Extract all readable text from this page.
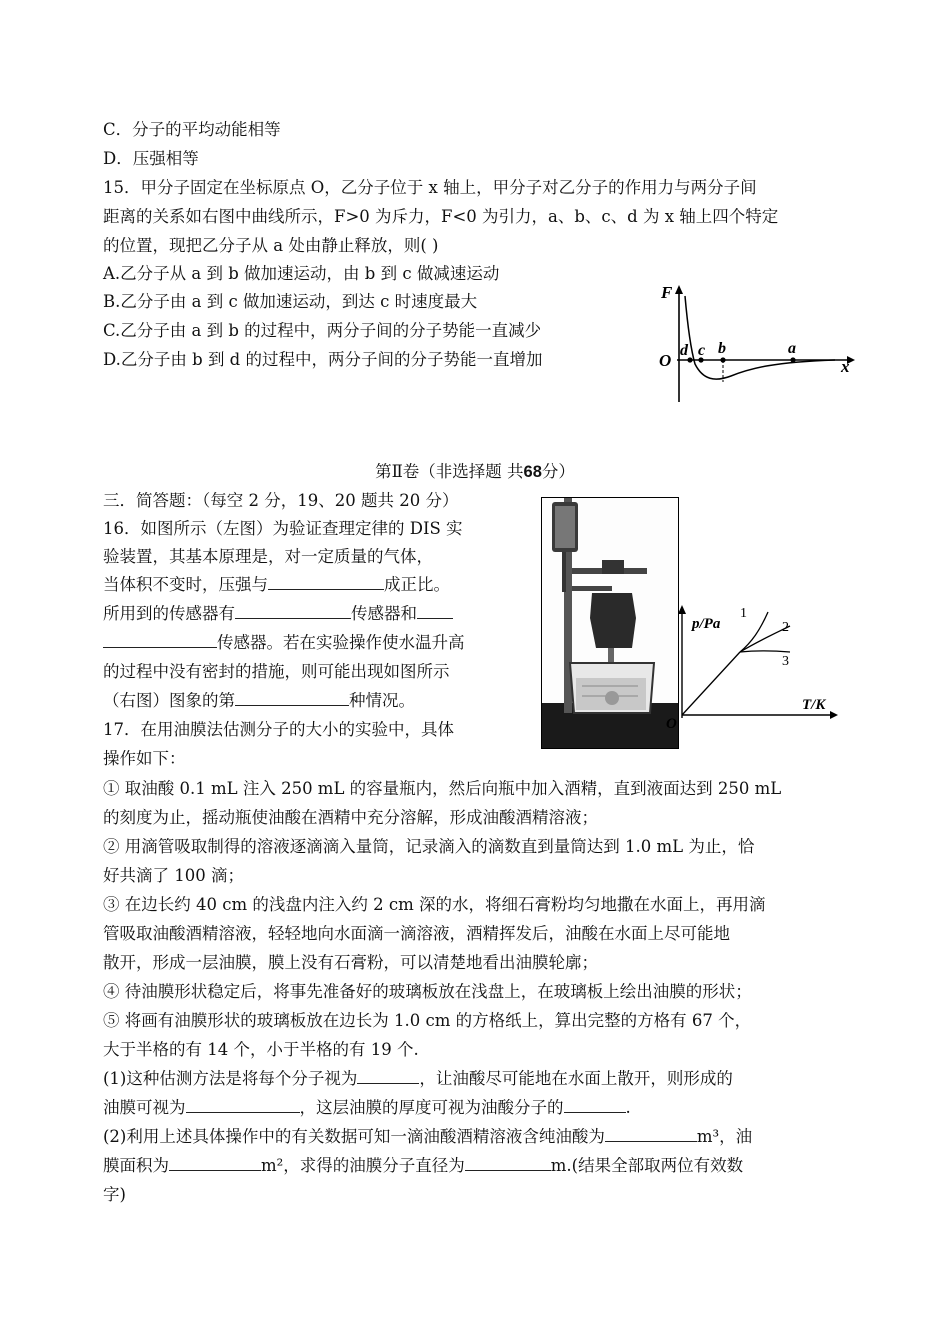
C．分子的平均动能相等
D．压强相等
15．甲分子固定在坐标原点 O，乙分子位于 x 轴上，甲分子对乙分子的作用力与两分子间
距离的关系如右图中曲线所示，F>0 为斥力，F<0 为引力，a、b、c、d 为 x 轴上四个特定
的位置，现把乙分子从 a 处由静止释放，则( )
A.乙分子从 a 到 b 做加速运动，由 b 到 c 做减速运动
B.乙分子由 a 到 c 做加速运动，到达 c 时速度最大
C.乙分子由 a 到 b 的过程中，两分子间的分子势能一直减少
D.乙分子由 b 到 d 的过程中，两分子间的分子势能一直增加
F
O	x
d c b	a
第Ⅱ卷（非选择题 共68分）
三．简答题：（每空 2 分，19、20 题共 20 分）
16．如图所示（左图）为验证查理定律的 DIS 实
验装置，其基本原理是，对一定质量的气体，
当体积不变时，压强与	成正比。
所用到的传感器有	传感器和
传感器。若在实验操作使水温升高
的过程中没有密封的措施，则可能出现如图所示
（右图）图象的第	种情况。
p/Pa
T/K
O
1
2
3
17．在用油膜法估测分子的大小的实验中，具体
操作如下：
① 取油酸 0.1 mL 注入 250 mL 的容量瓶内，然后向瓶中加入酒精，直到液面达到 250 mL
的刻度为止，摇动瓶使油酸在酒精中充分溶解，形成油酸酒精溶液；
② 用滴管吸取制得的溶液逐滴滴入量筒，记录滴入的滴数直到量筒达到 1.0 mL 为止，恰
好共滴了 100 滴；
③ 在边长约 40 cm 的浅盘内注入约 2 cm 深的水，将细石膏粉均匀地撒在水面上，再用滴
管吸取油酸酒精溶液，轻轻地向水面滴一滴溶液，酒精挥发后，油酸在水面上尽可能地
散开，形成一层油膜，膜上没有石膏粉，可以清楚地看出油膜轮廓；
④ 待油膜形状稳定后，将事先准备好的玻璃板放在浅盘上，在玻璃板上绘出油膜的形状；
⑤ 将画有油膜形状的玻璃板放在边长为 1.0 cm 的方格纸上，算出完整的方格有 67 个，
大于半格的有 14 个，小于半格的有 19 个.
(1)这种估测方法是将每个分子视为	，让油酸尽可能地在水面上散开，则形成的
油膜可视为	，这层油膜的厚度可视为油酸分子的	.
(2)利用上述具体操作中的有关数据可知一滴油酸酒精溶液含纯油酸为	m³，油
膜面积为	m²，求得的油膜分子直径为	m.(结果全部取两位有效数
字)
